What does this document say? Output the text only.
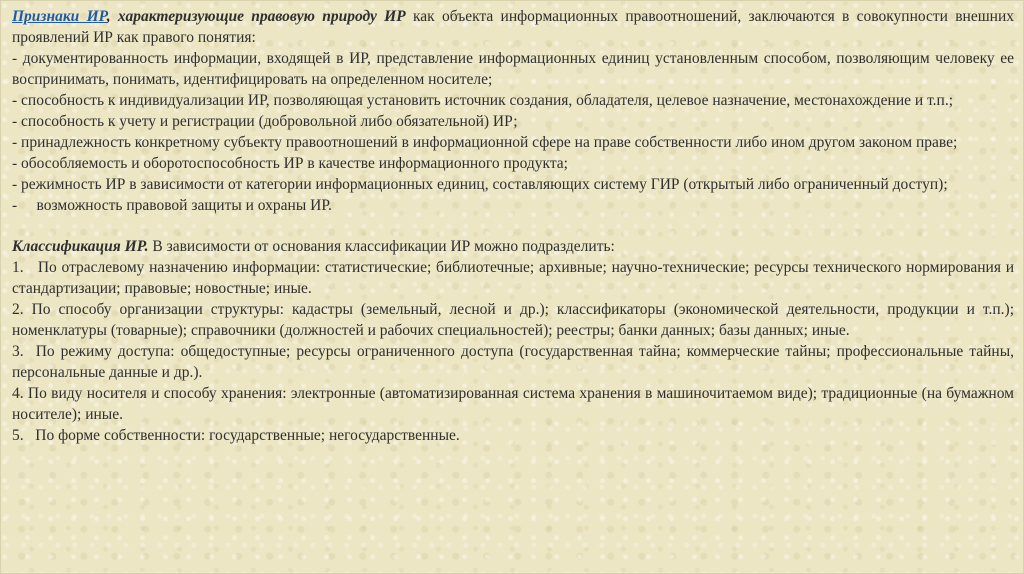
Признаки ИР, характеризующие правовую природу ИР как объекта информационных правоотношений, заключаются в совокупности внешних проявлений ИР как правого понятия:

- документированность информации, входящей в ИР, представление информационных единиц установленным способом, позволяющим человеку ее воспринимать, понимать, идентифицировать на определенном носителе;

- способность к индивидуализации ИР, позволяющая установить источник создания, обладателя, целевое назначение, местонахождение и т.п.;

- способность к учету и регистрации (добровольной либо обязательной) ИР;

- принадлежность конкретному субъекту правоотношений в информационной сфере на праве собственности либо ином другом законом праве;

- обособляемость и оборотоспособность ИР в качестве информационного продукта;

- режимность ИР в зависимости от категории информационных единиц, составляющих систему ГИР (открытый либо ограниченный доступ);

-     возможность правовой защиты и охраны ИР.

Классификация ИР. В зависимости от основания классификации ИР можно подразделить:

1.   По отраслевому назначению информации: статистические; библиотечные; архивные; научно-технические; ресурсы технического нормирования и стандартизации; правовые; новостные; иные.

2. По способу организации структуры: кадастры (земельный, лесной и др.); классификаторы (экономической деятельности, продукции и т.п.); номенклатуры (товарные); справочники (должностей и рабочих специальностей); реестры; банки данных; базы данных; иные.

3.  По режиму доступа: общедоступные; ресурсы ограниченного доступа (государственная тайна; коммерческие тайны; профессиональные тайны, персональные данные и др.).

4. По виду носителя и способу хранения: электронные (автоматизированная система хранения в машиночитаемом виде); традиционные (на бумажном носителе); иные.

5.   По форме собственности: государственные; негосударственные.
